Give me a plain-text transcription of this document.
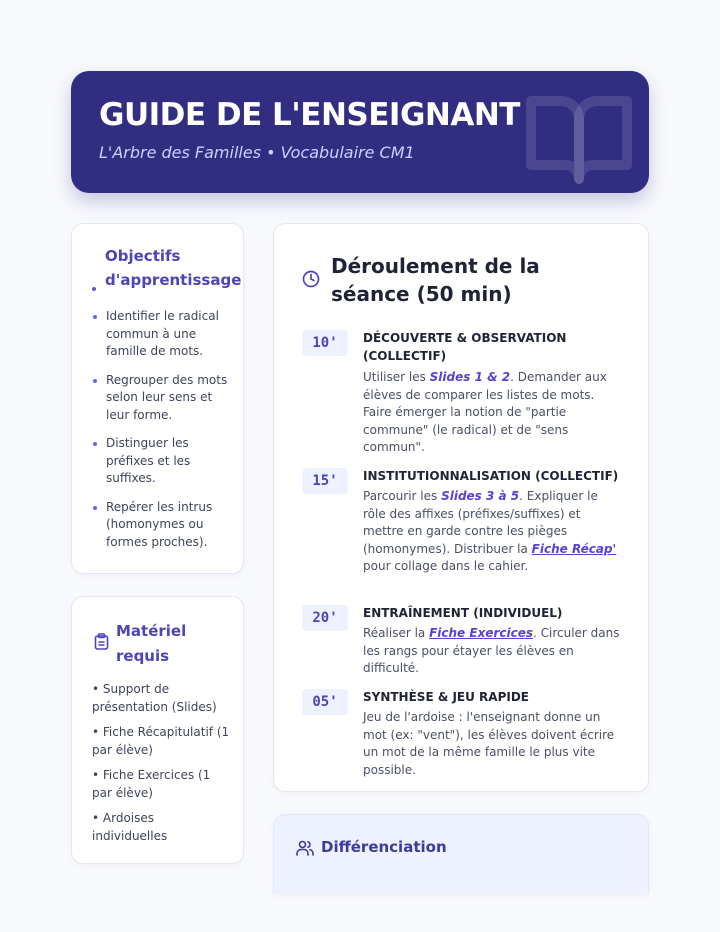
GUIDE DE L'ENSEIGNANT
L'Arbre des Familles • Vocabulaire CM1
Objectifs d'apprentissage
Identifier le radical commun à une famille de mots.
Regrouper des mots selon leur sens et leur forme.
Distinguer les préfixes et les suffixes.
Repérer les intrus (homonymes ou formes proches).
Matériel requis
• Support de présentation (Slides)
• Fiche Récapitulatif (1 par élève)
• Fiche Exercices (1 par élève)
• Ardoises individuelles
Déroulement de la séance (50 min)
10'	DÉCOUVERTE & OBSERVATION (COLLECTIF)
Utiliser les Slides 1 & 2. Demander aux élèves de comparer les listes de mots. Faire émerger la notion de "partie commune" (le radical) et de "sens commun".
15'	INSTITUTIONNALISATION (COLLECTIF)
Parcourir les Slides 3 à 5. Expliquer le rôle des affixes (préfixes/suffixes) et mettre en garde contre les pièges (homonymes). Distribuer la Fiche Récap' pour collage dans le cahier.
20'	ENTRAÎNEMENT (INDIVIDUEL)
Réaliser la Fiche Exercices. Circuler dans les rangs pour étayer les élèves en difficulté.
05'	SYNTHÈSE & JEU RAPIDE
Jeu de l'ardoise : l'enseignant donne un mot (ex: "vent"), les élèves doivent écrire un mot de la même famille le plus vite possible.
Différenciation
